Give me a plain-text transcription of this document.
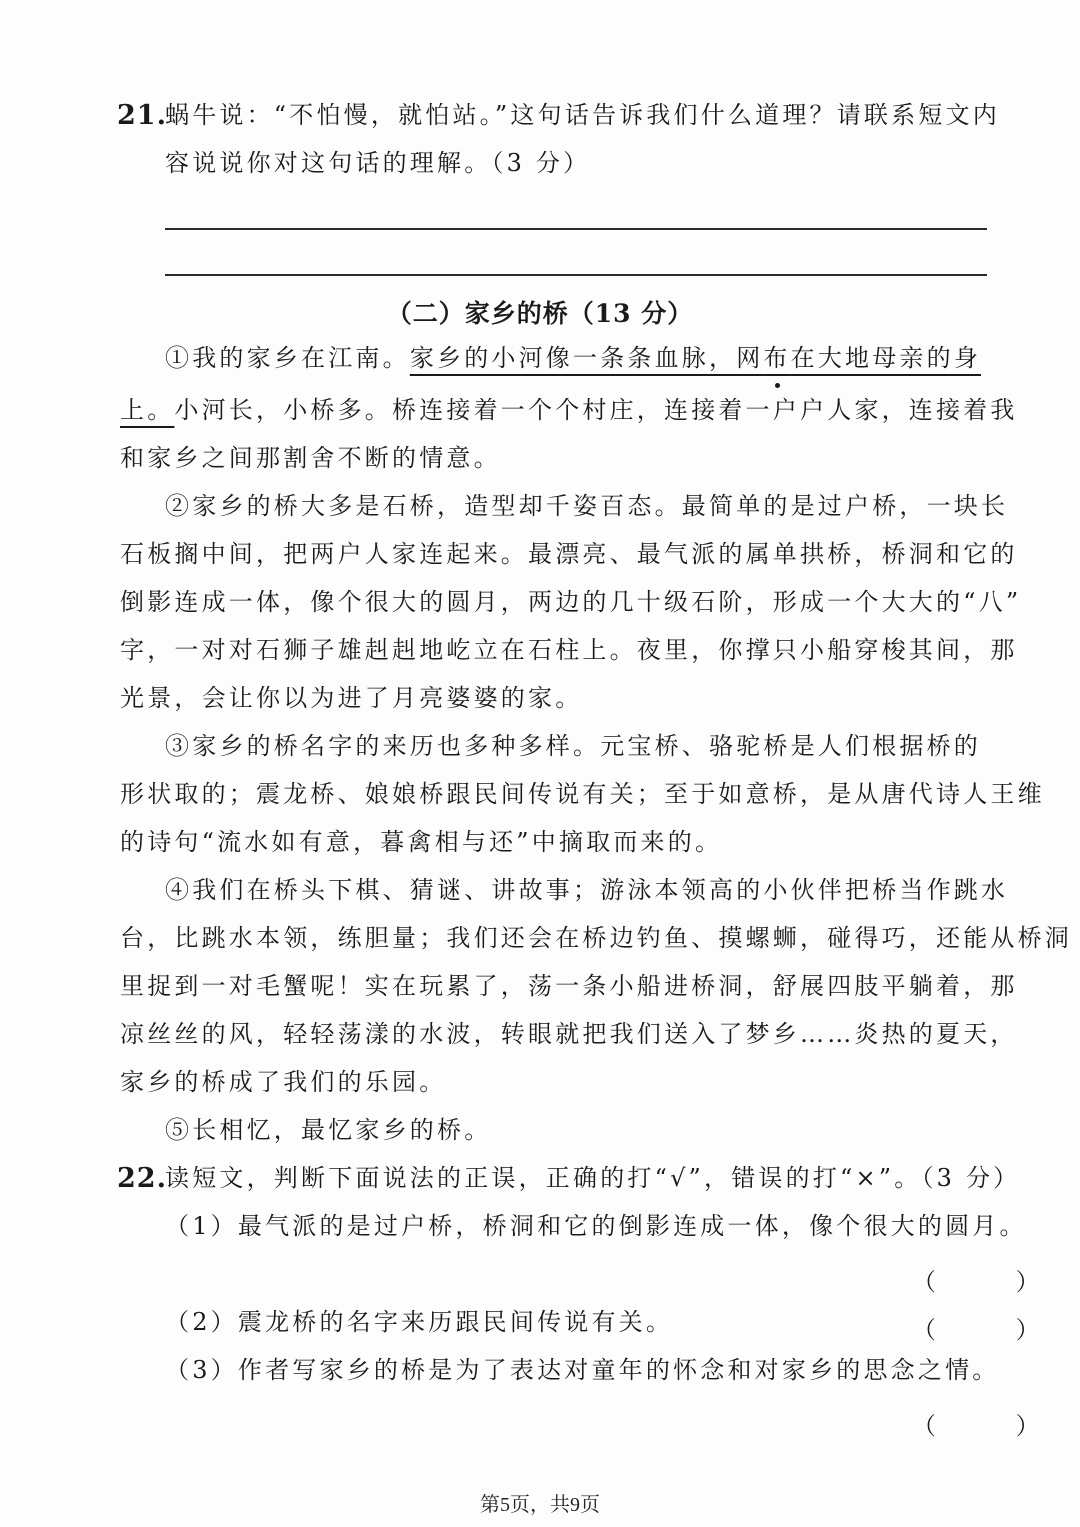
21.
蜗牛说：“不怕慢，就怕站。”这句话告诉我们什么道理？请联系短文内
容说说你对这句话的理解。（3 分）
（二）家乡的桥（13 分）
①我的家乡在江南。家乡的小河像一条条血脉，网布在大地母亲的身
上。小河长，小桥多。桥连接着一个个村庄，连接着一户户人家，连接着我
和家乡之间那割舍不断的情意。
②家乡的桥大多是石桥，造型却千姿百态。最简单的是过户桥，一块长
石板搁中间，把两户人家连起来。最漂亮、最气派的属单拱桥，桥洞和它的
倒影连成一体，像个很大的圆月，两边的几十级石阶，形成一个大大的“八”
字，一对对石狮子雄赳赳地屹立在石柱上。夜里，你撑只小船穿梭其间，那
光景，会让你以为进了月亮婆婆的家。
③家乡的桥名字的来历也多种多样。元宝桥、骆驼桥是人们根据桥的
形状取的；震龙桥、娘娘桥跟民间传说有关；至于如意桥，是从唐代诗人王维
的诗句“流水如有意，暮禽相与还”中摘取而来的。
④我们在桥头下棋、猜谜、讲故事；游泳本领高的小伙伴把桥当作跳水
台，比跳水本领，练胆量；我们还会在桥边钓鱼、摸螺蛳，碰得巧，还能从桥洞
里捉到一对毛蟹呢！实在玩累了，荡一条小船进桥洞，舒展四肢平躺着，那
凉丝丝的风，轻轻荡漾的水波，转眼就把我们送入了梦乡……炎热的夏天，
家乡的桥成了我们的乐园。
⑤长相忆，最忆家乡的桥。
22.
读短文，判断下面说法的正误，正确的打“√”，错误的打“×”。（3 分）
（1）最气派的是过户桥，桥洞和它的倒影连成一体，像个很大的圆月。
（ ）
（2）震龙桥的名字来历跟民间传说有关。	（ ）
（3）作者写家乡的桥是为了表达对童年的怀念和对家乡的思念之情。
（ ）
第5页，共9页
